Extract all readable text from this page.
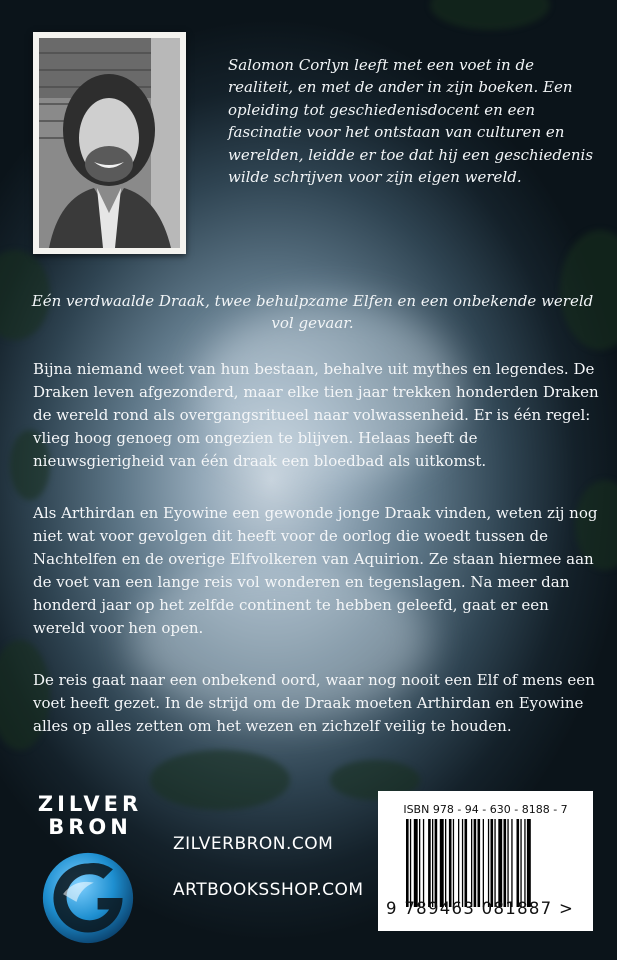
Salomon Corlyn leeft met een voet in de realiteit, en met de ander in zijn boeken. Een opleiding tot geschiedenisdocent en een fascinatie voor het ontstaan van culturen en werelden, leidde er toe dat hij een geschiedenis wilde schrijven voor zijn eigen wereld.

Eén verdwaalde Draak, twee behulpzame Elfen en een onbekende wereld vol gevaar.

Bijna niemand weet van hun bestaan, behalve uit mythes en legendes. De Draken leven afgezonderd, maar elke tien jaar trekken honderden Draken de wereld rond als overgangsritueel naar volwassenheid. Er is één regel: vlieg hoog genoeg om ongezien te blijven. Helaas heeft de nieuwsgierigheid van één draak een bloedbad als uitkomst.

Als Arthirdan en Eyowine een gewonde jonge Draak vinden, weten zij nog niet wat voor gevolgen dit heeft voor de oorlog die woedt tussen de Nachtelfen en de overige Elfvolkeren van Aquirion. Ze staan hiermee aan de voet van een lange reis vol wonderen en tegenslagen. Na meer dan honderd jaar op het zelfde continent te hebben geleefd, gaat er een wereld voor hen open.

De reis gaat naar een onbekend oord, waar nog nooit een Elf of mens een voet heeft gezet. In de strijd om de Draak moeten Arthirdan en Eyowine alles op alles zetten om het wezen en zichzelf veilig te houden.

ZILVER
BRON
ZILVERBRON.COM
ARTBOOKSSHOP.COM
ISBN 978 - 94 - 630 - 8188 - 7
9 789463 081887 >
